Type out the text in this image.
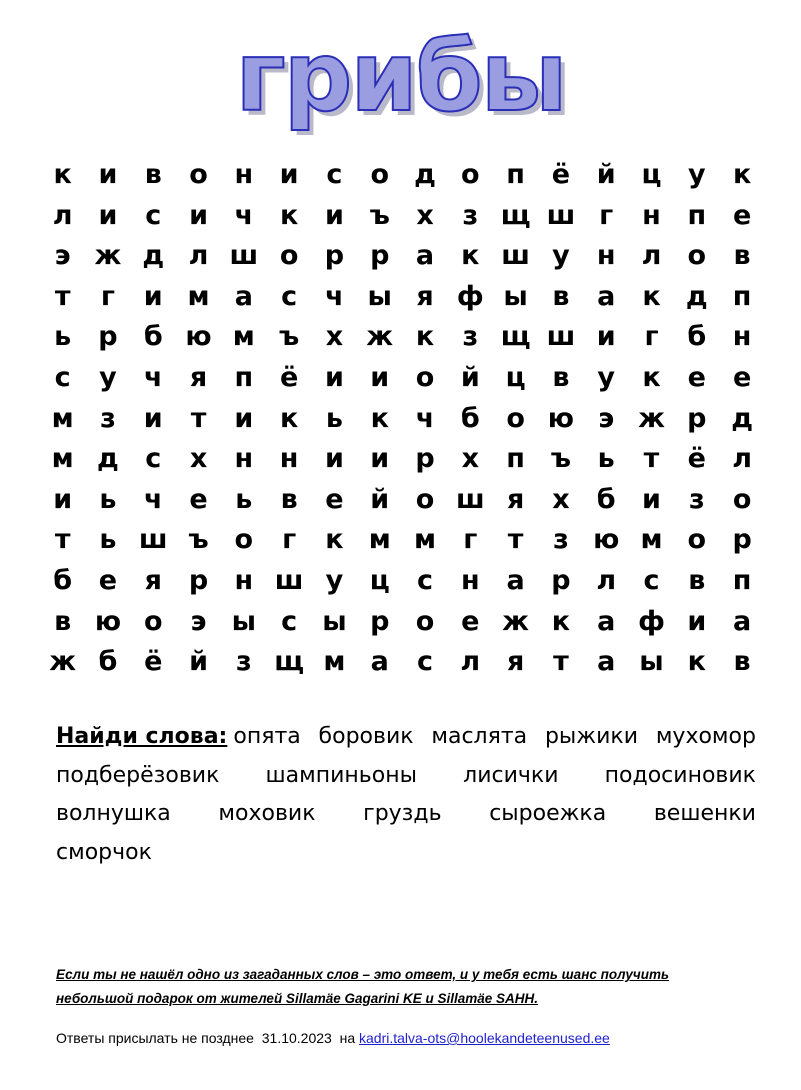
грибы
к и	в	о н и	с	о д о п ё й ц у	к
л и	с	и ч к и ъ х	з щ ш г	н п е
э ж д л ш о р р а	к ш у	н л о	в
т	г	и м а	с	ч ы я ф ы в	а	к д п
ь	р б ю м ъ х ж к	з щ ш и	г	б н
с	у	ч	я	п ё и и о й ц в	у	к е е
м з	и	т	и к	ь	к ч б о ю э ж р д
м д с	х	н н и и р х	п ъ ь	т	ё л
и	ь	ч е	ь	в	е й о ш я	х	б и	з	о
т	ь ш ъ о	г	к м м	г	т	з ю м о р
б е	я р н ш у ц	с	н а р л	с	в	п
в ю о	э ы с ы р о е ж к	а ф и а
ж б ё й	з щ м а	с	л я	т	а ы к	в
Найди слова: опята боровик маслята рыжики мухомор
подберёзовик шампиньоны лисички подосиновик
волнушка моховик груздь сыроежка вешенки
сморчок
Если ты не нашёл одно из загаданных слов – это ответ, и у тебя есть шанс получить
небольшой подарок от жителей Sillamäe Gagarini KE и Sillamäe SAHH.
Ответы присылать не позднее  31.10.2023  на kadri.talva-ots@hoolekandeteenused.ee
